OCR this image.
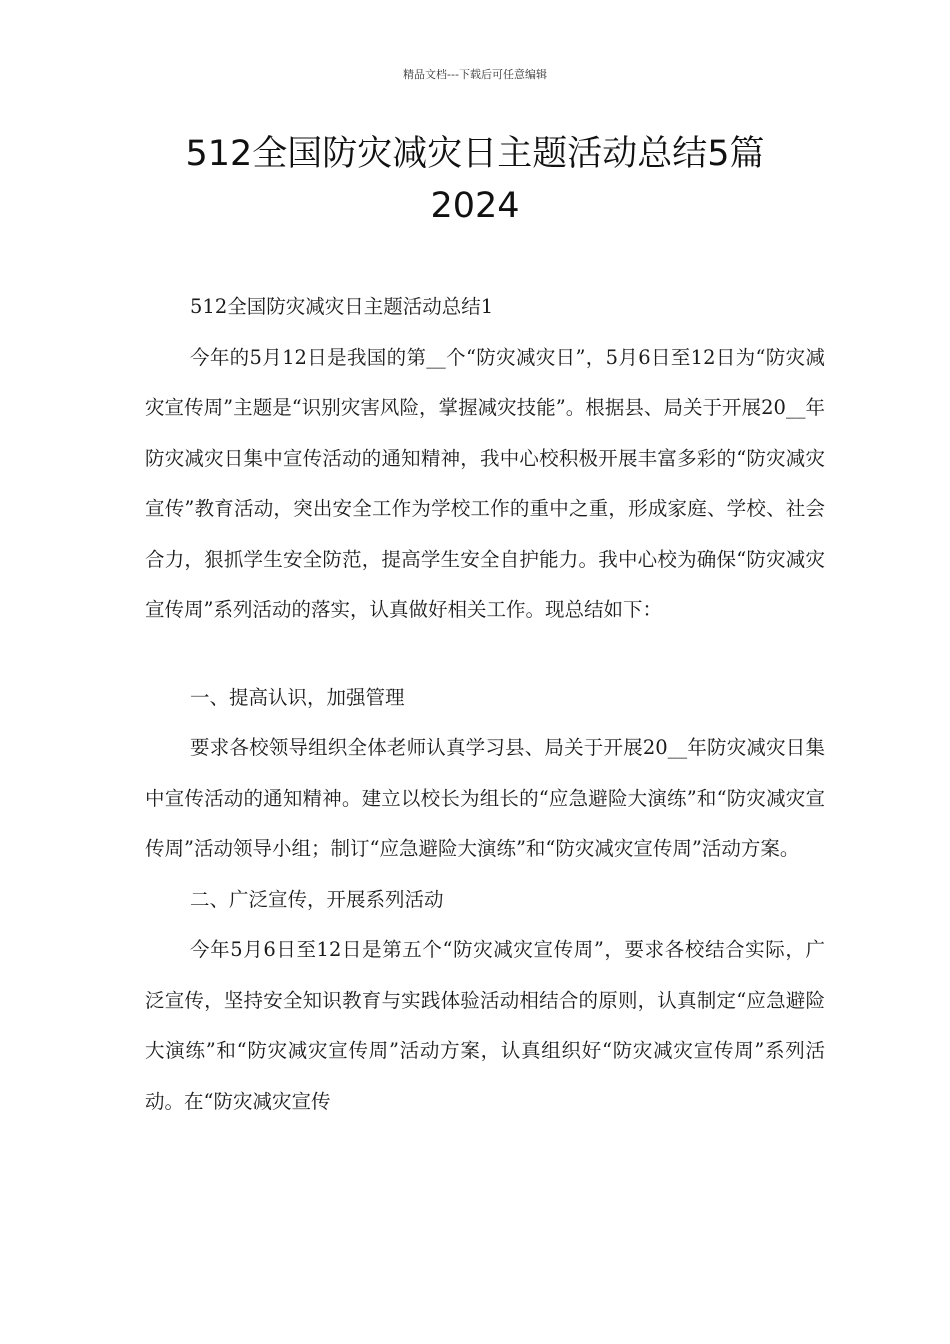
精品文档---下载后可任意编辑
512全国防灾减灾日主题活动总结5篇
2024

512全国防灾减灾日主题活动总结1

今年的5月12日是我国的第__个“防灾减灾日”，5月6日至12日为“防灾减灾宣传周”主题是“识别灾害风险，掌握减灾技能”。根据县、局关于开展20__年防灾减灾日集中宣传活动的通知精神，我中心校积极开展丰富多彩的“防灾减灾宣传”教育活动，突出安全工作为学校工作的重中之重，形成家庭、学校、社会合力，狠抓学生安全防范，提高学生安全自护能力。我中心校为确保“防灾减灾宣传周”系列活动的落实，认真做好相关工作。现总结如下：

一、提高认识，加强管理

要求各校领导组织全体老师认真学习县、局关于开展20__年防灾减灾日集中宣传活动的通知精神。建立以校长为组长的“应急避险大演练”和“防灾减灾宣传周”活动领导小组；制订“应急避险大演练”和“防灾减灾宣传周”活动方案。

二、广泛宣传，开展系列活动

今年5月6日至12日是第五个“防灾减灾宣传周”，要求各校结合实际，广泛宣传，坚持安全知识教育与实践体验活动相结合的原则，认真制定“应急避险大演练”和“防灾减灾宣传周”活动方案，认真组织好“防灾减灾宣传周”系列活动。在“防灾减灾宣传
